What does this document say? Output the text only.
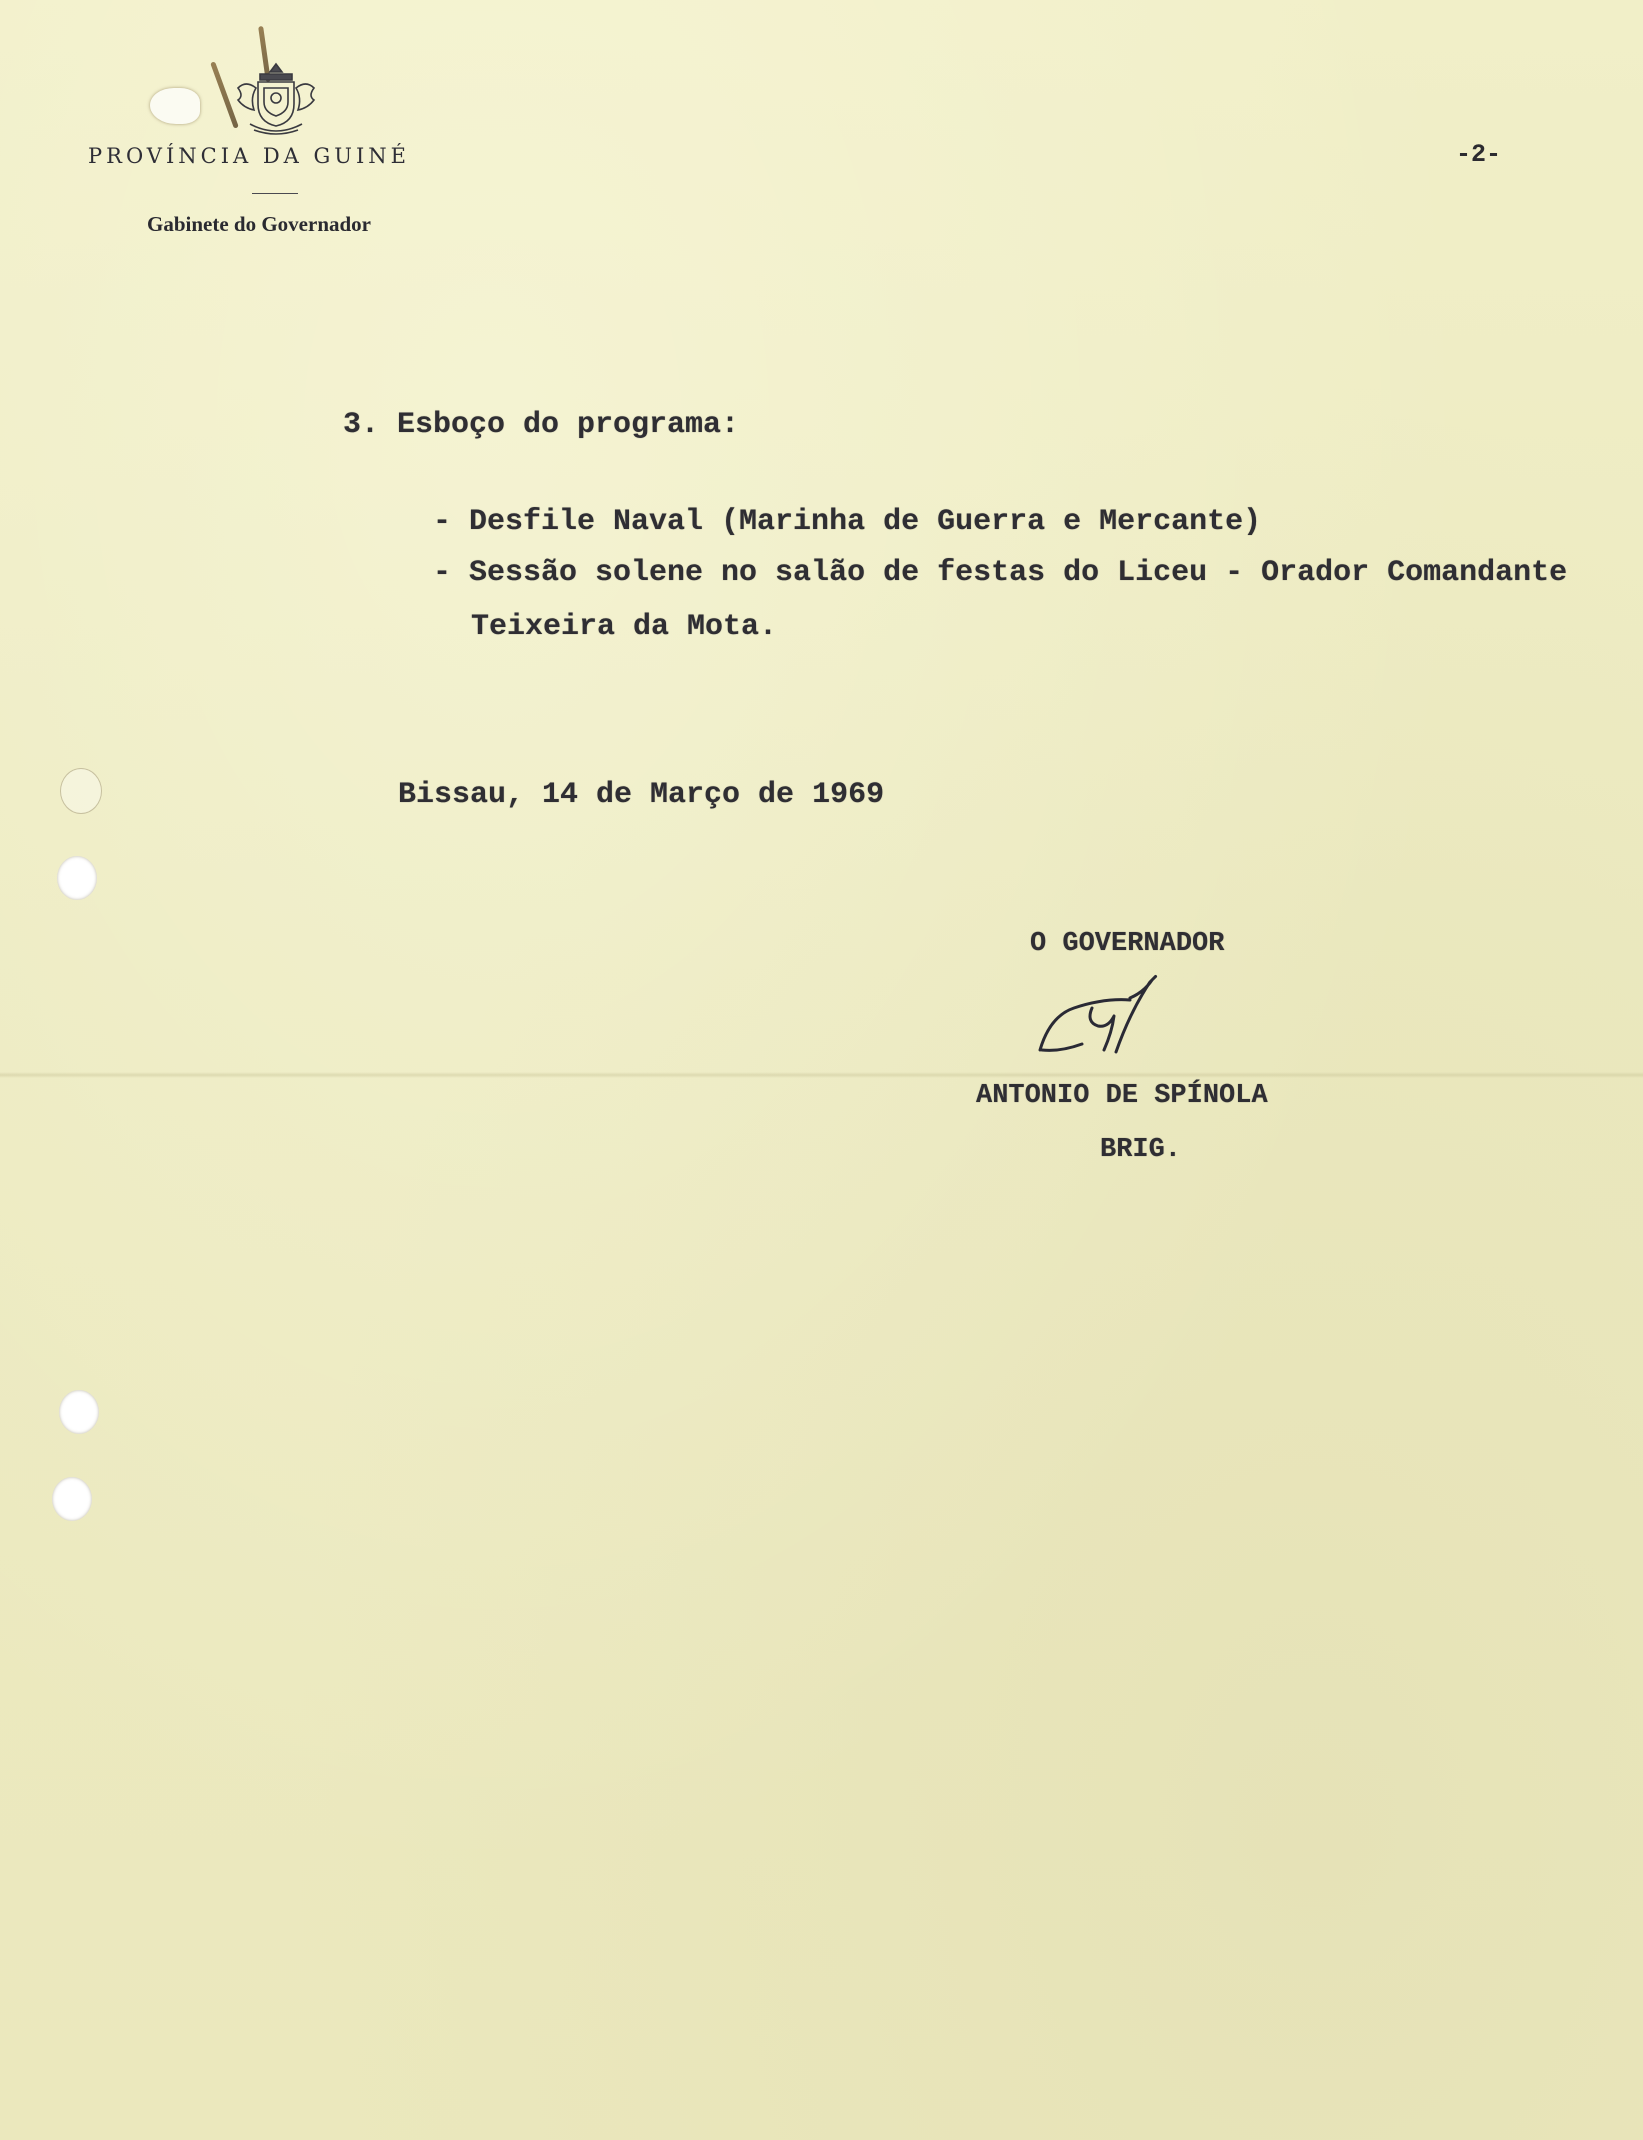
PROVÍNCIA DA GUINÉ
Gabinete do Governador
-2-
3. Esboço do programa:
- Desfile Naval (Marinha de Guerra e Mercante)
- Sessão solene no salão de festas do Liceu - Orador Comandante
Teixeira da Mota.
Bissau, 14 de Março de 1969
O GOVERNADOR
ANTONIO DE SPÍNOLA
BRIG.
